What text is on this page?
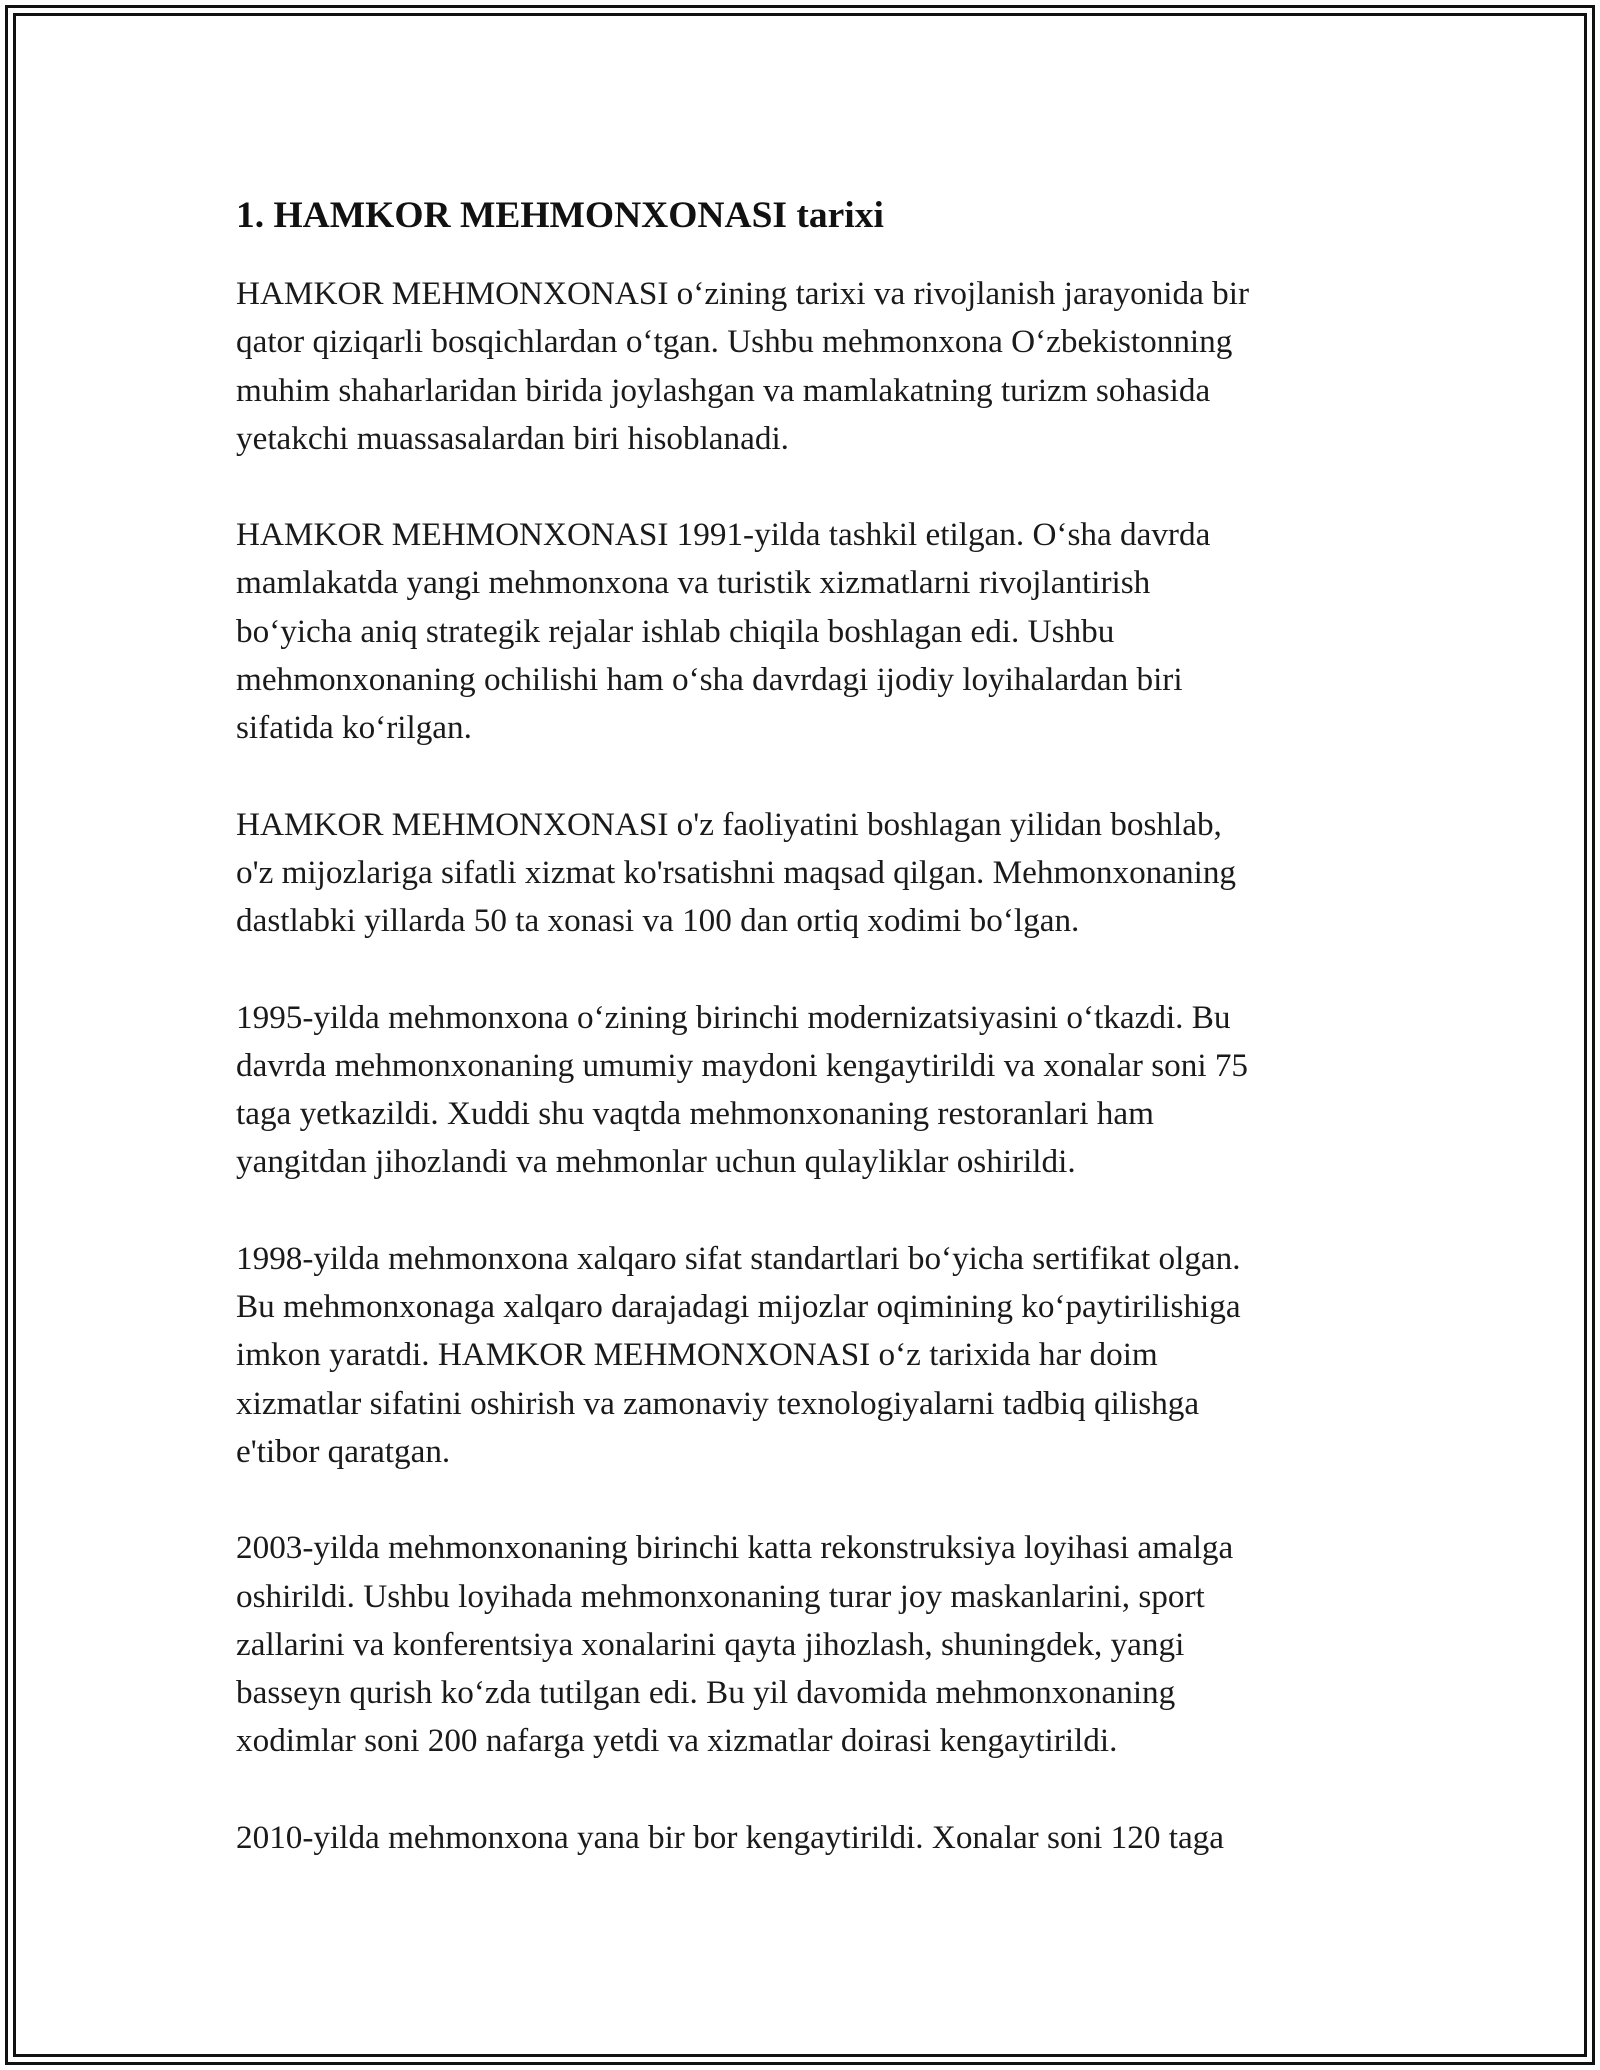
1. HAMKOR MEHMONXONASI tarixi

HAMKOR MEHMONXONASI o‘zining tarixi va rivojlanish jarayonida bir
qator qiziqarli bosqichlardan o‘tgan. Ushbu mehmonxona O‘zbekistonning
muhim shaharlaridan birida joylashgan va mamlakatning turizm sohasida
yetakchi muassasalardan biri hisoblanadi.

HAMKOR MEHMONXONASI 1991-yilda tashkil etilgan. O‘sha davrda
mamlakatda yangi mehmonxona va turistik xizmatlarni rivojlantirish
bo‘yicha aniq strategik rejalar ishlab chiqila boshlagan edi. Ushbu
mehmonxonaning ochilishi ham o‘sha davrdagi ijodiy loyihalardan biri
sifatida ko‘rilgan.

HAMKOR MEHMONXONASI o'z faoliyatini boshlagan yilidan boshlab,
o'z mijozlariga sifatli xizmat ko'rsatishni maqsad qilgan. Mehmonxonaning
dastlabki yillarda 50 ta xonasi va 100 dan ortiq xodimi bo‘lgan.

1995-yilda mehmonxona o‘zining birinchi modernizatsiyasini o‘tkazdi. Bu
davrda mehmonxonaning umumiy maydoni kengaytirildi va xonalar soni 75
taga yetkazildi. Xuddi shu vaqtda mehmonxonaning restoranlari ham
yangitdan jihozlandi va mehmonlar uchun qulayliklar oshirildi.

1998-yilda mehmonxona xalqaro sifat standartlari bo‘yicha sertifikat olgan.
Bu mehmonxonaga xalqaro darajadagi mijozlar oqimining ko‘paytirilishiga
imkon yaratdi. HAMKOR MEHMONXONASI o‘z tarixida har doim
xizmatlar sifatini oshirish va zamonaviy texnologiyalarni tadbiq qilishga
e'tibor qaratgan.

2003-yilda mehmonxonaning birinchi katta rekonstruksiya loyihasi amalga
oshirildi. Ushbu loyihada mehmonxonaning turar joy maskanlarini, sport
zallarini va konferentsiya xonalarini qayta jihozlash, shuningdek, yangi
basseyn qurish ko‘zda tutilgan edi. Bu yil davomida mehmonxonaning
xodimlar soni 200 nafarga yetdi va xizmatlar doirasi kengaytirildi.

2010-yilda mehmonxona yana bir bor kengaytirildi. Xonalar soni 120 taga
